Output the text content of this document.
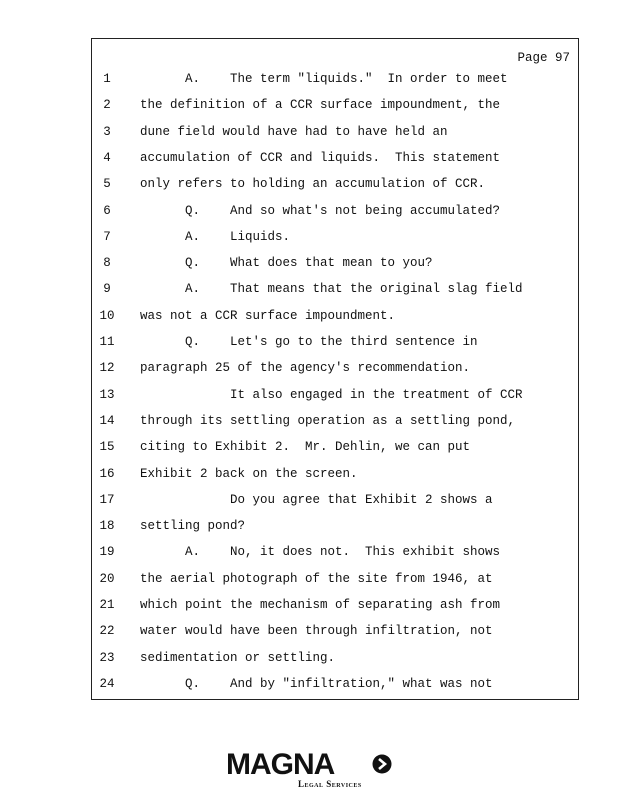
Page 97
1	A.    The term "liquids."  In order to meet
2	the definition of a CCR surface impoundment, the
3	dune field would have had to have held an
4	accumulation of CCR and liquids.  This statement
5	only refers to holding an accumulation of CCR.
6	Q.    And so what's not being accumulated?
7	A.    Liquids.
8	Q.    What does that mean to you?
9	A.    That means that the original slag field
10	was not a CCR surface impoundment.
11	Q.    Let's go to the third sentence in
12	paragraph 25 of the agency's recommendation.
13	It also engaged in the treatment of CCR
14	through its settling operation as a settling pond,
15	citing to Exhibit 2.  Mr. Dehlin, we can put
16	Exhibit 2 back on the screen.
17	Do you agree that Exhibit 2 shows a
18	settling pond?
19	A.    No, it does not.  This exhibit shows
20	the aerial photograph of the site from 1946, at
21	which point the mechanism of separating ash from
22	water would have been through infiltration, not
23	sedimentation or settling.
24	Q.    And by "infiltration," what was not
MAGNA
Legal Services
